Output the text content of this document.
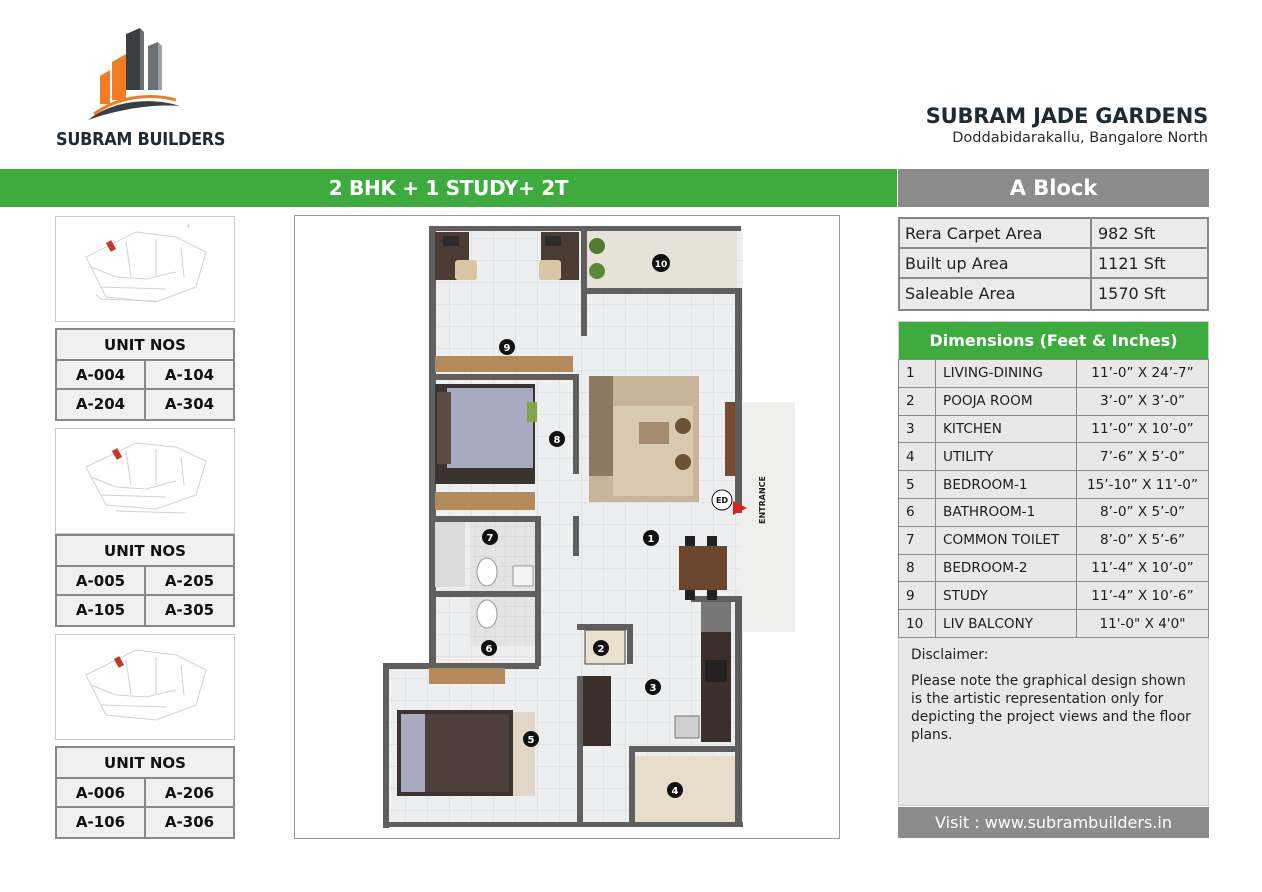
SUBRAM BUILDERS
SUBRAM JADE GARDENS
Doddabidarakallu, Bangalore North
2 BHK + 1 STUDY+ 2T	A Block
↑
UNIT NOS
A-004	A-104
A-204	A-304
UNIT NOS
A-005	A-205
A-105	A-305
UNIT NOS
A-006	A-206
A-106	A-306
1
2
3
4
5
6
7
8
9
10
ED	ENTRANCE
Rera Carpet Area	982 Sft
Built up Area	1121 Sft
Saleable Area	1570 Sft
Dimensions (Feet & Inches)
1	LIVING-DINING	11’-0” X 24’-7”
2	POOJA ROOM	3’-0” X 3’-0”
3	KITCHEN	11’-0” X 10’-0”
4	UTILITY	7’-6” X 5’-0”
5	BEDROOM-1	15’-10” X 11’-0”
6	BATHROOM-1	8’-0” X 5’-0”
7	COMMON TOILET	8’-0” X 5’-6”
8	BEDROOM-2	11’-4” X 10’-0”
9	STUDY	11’-4” X 10’-6”
10	LIV BALCONY	11'-0" X 4'0"
Disclaimer:
Please note the graphical design shown is the artistic representation only for depicting the project views and the floor plans.
Visit : www.subrambuilders.in
